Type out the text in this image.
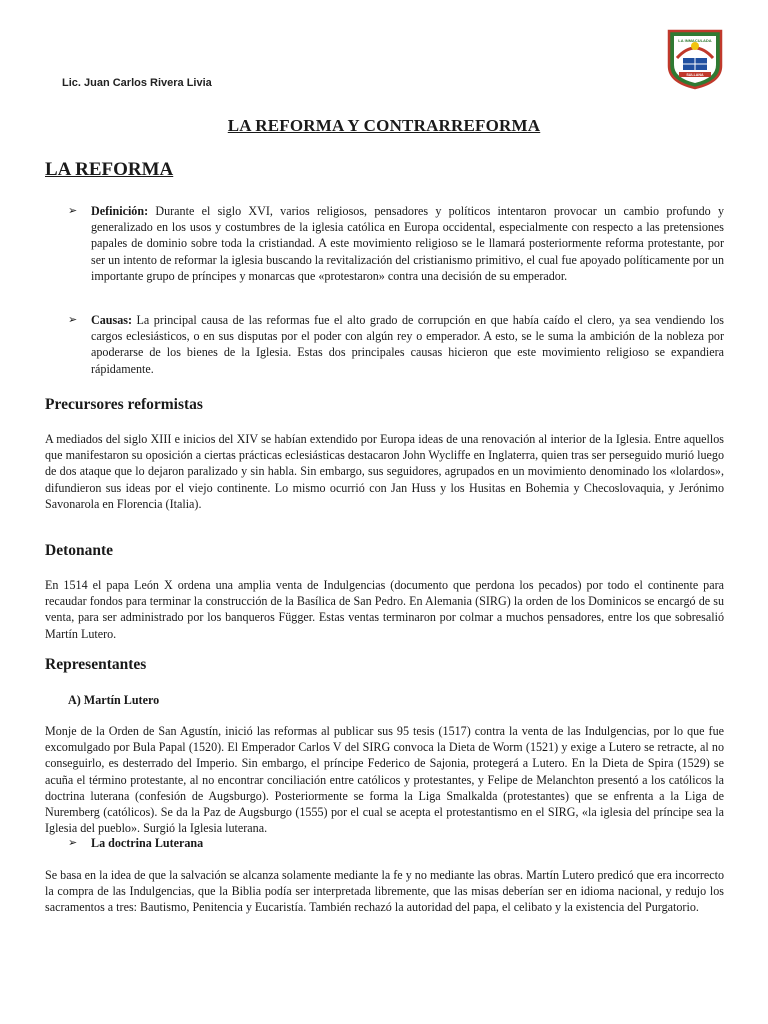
Lic. Juan Carlos Rivera Livia
LA INMACULADA
SULLANA
LA REFORMA Y CONTRARREFORMA
LA REFORMA
➢ Definición: Durante el siglo XVI, varios religiosos, pensadores y políticos intentaron provocar un cambio profundo y generalizado en los usos y costumbres de la iglesia católica en Europa occidental, especialmente con respecto a las pretensiones papales de dominio sobre toda la cristiandad. A este movimiento religioso se le llamará posteriormente reforma protestante, por ser un intento de reformar la iglesia buscando la revitalización del cristianismo primitivo, el cual fue apoyado políticamente por un importante grupo de príncipes y monarcas que «protestaron» contra una decisión de su emperador.
➢ Causas: La principal causa de las reformas fue el alto grado de corrupción en que había caído el clero, ya sea vendiendo los cargos eclesiásticos, o en sus disputas por el poder con algún rey o emperador. A esto, se le suma la ambición de la nobleza por apoderarse de los bienes de la Iglesia. Estas dos principales causas hicieron que este movimiento religioso se expandiera rápidamente.
Precursores reformistas
A mediados del siglo XIII e inicios del XIV se habían extendido por Europa ideas de una renovación al interior de la Iglesia. Entre aquellos que manifestaron su oposición a ciertas prácticas eclesiásticas destacaron John Wycliffe en Inglaterra, quien tras ser perseguido murió luego de dos ataque que lo dejaron paralizado y sin habla. Sin embargo, sus seguidores, agrupados en un movimiento denominado los «lolardos», difundieron sus ideas por el viejo continente. Lo mismo ocurrió con Jan Huss y los Husitas en Bohemia y Checoslovaquia, y Jerónimo Savonarola en Florencia (Italia).
Detonante
En 1514 el papa León X ordena una amplia venta de Indulgencias (documento que perdona los pecados) por todo el continente para recaudar fondos para terminar la construcción de la Basílica de San Pedro. En Alemania (SIRG) la orden de los Dominicos se encargó de su venta, para ser administrado por los banqueros Függer. Estas ventas terminaron por colmar a muchos pensadores, entre los que sobresalió Martín Lutero.
Representantes
A) Martín Lutero
Monje de la Orden de San Agustín, inició las reformas al publicar sus 95 tesis (1517) contra la venta de las Indulgencias, por lo que fue excomulgado por Bula Papal (1520). El Emperador Carlos V del SIRG convoca la Dieta de Worm (1521) y exige a Lutero se retracte, al no conseguirlo, es desterrado del Imperio. Sin embargo, el príncipe Federico de Sajonia, protegerá a Lutero. En la Dieta de Spira (1529) se acuña el término protestante, al no encontrar conciliación entre católicos y protestantes, y Felipe de Melanchton presentó a los católicos la doctrina luterana (confesión de Augsburgo). Posteriormente se forma la Liga Smalkalda (protestantes) que se enfrenta a la Liga de Nuremberg (católicos). Se da la Paz de Augsburgo (1555) por el cual se acepta el protestantismo en el SIRG, «la iglesia del príncipe sea la Iglesia del pueblo». Surgió la Iglesia luterana.
➢ La doctrina Luterana
Se basa en la idea de que la salvación se alcanza solamente mediante la fe y no mediante las obras. Martín Lutero predicó que era incorrecto la compra de las Indulgencias, que la Biblia podía ser interpretada libremente, que las misas deberían ser en idioma nacional, y redujo los sacramentos a tres: Bautismo, Penitencia y Eucaristía. También rechazó la autoridad del papa, el celibato y la existencia del Purgatorio.
